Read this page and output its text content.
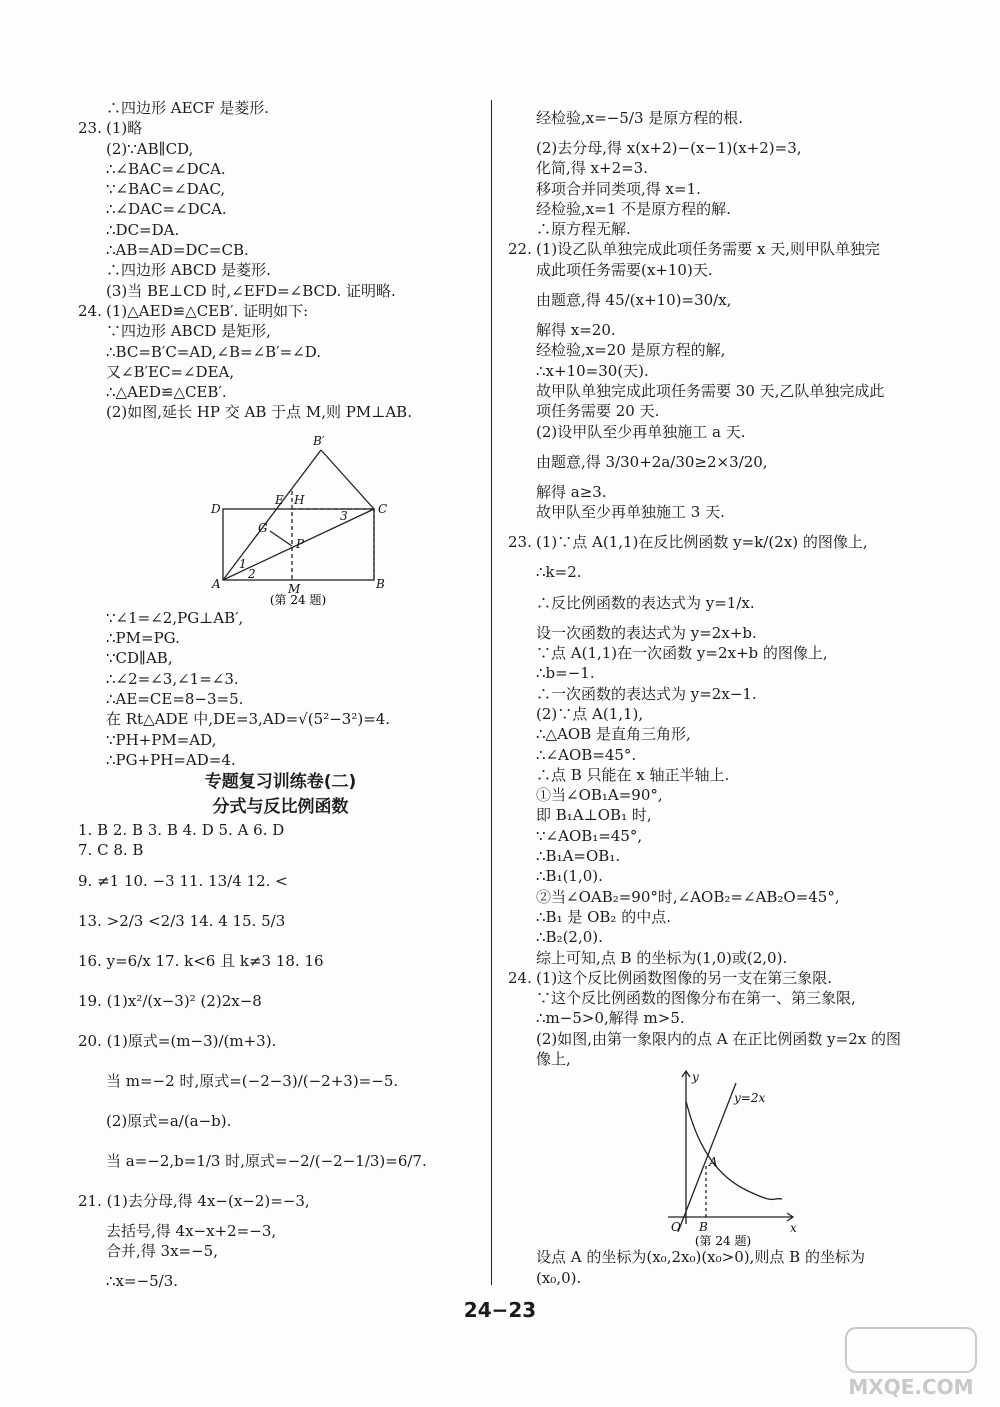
∴四边形 AECF 是菱形.
23. (1)略
(2)∵AB∥CD,
∴∠BAC=∠DCA.
∵∠BAC=∠DAC,
∴∠DAC=∠DCA.
∴DC=DA.
∴AB=AD=DC=CB.
∴四边形 ABCD 是菱形.
(3)当 BE⊥CD 时,∠EFD=∠BCD. 证明略.
24. (1)△AED≌△CEB′. 证明如下:
∵四边形 ABCD 是矩形,
∴BC=B′C=AD,∠B=∠B′=∠D.
又∠B′EC=∠DEA,
∴△AED≌△CEB′.
(2)如图,延长 HP 交 AB 于点 M,则 PM⊥AB.
B′
D
E H
C
G
3
P
1
2
A	M	B
(第 24 题)
∵∠1=∠2,PG⊥AB′,
∴PM=PG.
∵CD∥AB,
∴∠2=∠3,∠1=∠3.
∴AE=CE=8−3=5.
在 Rt△ADE 中,DE=3,AD=√(5²−3²)=4.
∵PH+PM=AD,
∴PG+PH=AD=4.
专题复习训练卷(二)
分式与反比例函数
1. B 2. B 3. B 4. D 5. A 6. D
7. C 8. B
9. ≠1 10. −3 11. 13/4 12. <
13. >2/3 <2/3 14. 4 15. 5/3
16. y=6/x 17. k<6 且 k≠3 18. 16
19. (1)x²/(x−3)² (2)2x−8
20. (1)原式=(m−3)/(m+3).
当 m=−2 时,原式=(−2−3)/(−2+3)=−5.
(2)原式=a/(a−b).
当 a=−2,b=1/3 时,原式=−2/(−2−1/3)=6/7.
21. (1)去分母,得 4x−(x−2)=−3,
去括号,得 4x−x+2=−3,
合并,得 3x=−5,
∴x=−5/3.
经检验,x=−5/3 是原方程的根.
(2)去分母,得 x(x+2)−(x−1)(x+2)=3,
化简,得 x+2=3.
移项合并同类项,得 x=1.
经检验,x=1 不是原方程的解.
∴原方程无解.
22. (1)设乙队单独完成此项任务需要 x 天,则甲队单独完
成此项任务需要(x+10)天.
由题意,得 45/(x+10)=30/x,
解得 x=20.
经检验,x=20 是原方程的解,
∴x+10=30(天).
故甲队单独完成此项任务需要 30 天,乙队单独完成此
项任务需要 20 天.
(2)设甲队至少再单独施工 a 天.
由题意,得 3/30+2a/30≥2×3/20,
解得 a≥3.
故甲队至少再单独施工 3 天.
23. (1)∵点 A(1,1)在反比例函数 y=k/(2x) 的图像上,
∴k=2.
∴反比例函数的表达式为 y=1/x.
设一次函数的表达式为 y=2x+b.
∵点 A(1,1)在一次函数 y=2x+b 的图像上,
∴b=−1.
∴一次函数的表达式为 y=2x−1.
(2)∵点 A(1,1),
∴△AOB 是直角三角形,
∴∠AOB=45°.
∴点 B 只能在 x 轴正半轴上.
①当∠OB₁A=90°,
即 B₁A⊥OB₁ 时,
∵∠AOB₁=45°,
∴B₁A=OB₁.
∴B₁(1,0).
②当∠OAB₂=90°时,∠AOB₂=∠AB₂O=45°,
∴B₁ 是 OB₂ 的中点.
∴B₂(2,0).
综上可知,点 B 的坐标为(1,0)或(2,0).
24. (1)这个反比例函数图像的另一支在第三象限.
∵这个反比例函数的图像分布在第一、第三象限,
∴m−5>0,解得 m>5.
(2)如图,由第一象限内的点 A 在正比例函数 y=2x 的图
像上,
y
y=2x
A
O B	x
(第 24 题)
设点 A 的坐标为(x₀,2x₀)(x₀>0),则点 B 的坐标为
(x₀,0).
24−23
MXQE.COM
